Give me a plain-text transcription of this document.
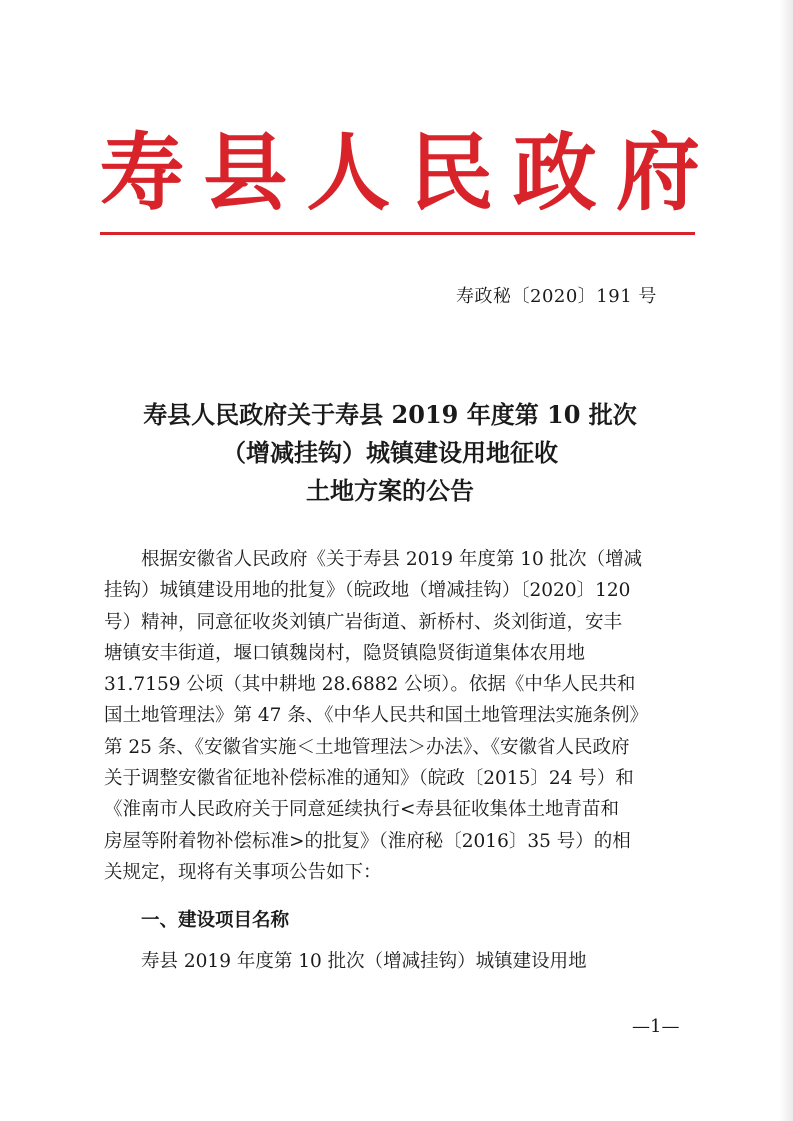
寿 县 人 民 政 府
寿政秘〔2020〕191 号
寿县人民政府关于寿县 2019 年度第 10 批次
（增减挂钩）城镇建设用地征收
土地方案的公告
根据安徽省人民政府《关于寿县 2019 年度第 10 批次（增减
挂钩）城镇建设用地的批复》（皖政地（增减挂钩）〔2020〕120
号）精神，同意征收炎刘镇广岩街道、新桥村、炎刘街道，安丰
塘镇安丰街道，堰口镇魏岗村，隐贤镇隐贤街道集体农用地
31.7159 公顷（其中耕地 28.6882 公顷）。依据《中华人民共和
国土地管理法》第 47 条、《中华人民共和国土地管理法实施条例》
第 25 条、《安徽省实施＜土地管理法＞办法》、《安徽省人民政府
关于调整安徽省征地补偿标准的通知》（皖政〔2015〕24 号）和
《淮南市人民政府关于同意延续执行<寿县征收集体土地青苗和
房屋等附着物补偿标准>的批复》（淮府秘〔2016〕35 号）的相
关规定，现将有关事项公告如下：
一、建设项目名称
寿县 2019 年度第 10 批次（增减挂钩）城镇建设用地
—1—
